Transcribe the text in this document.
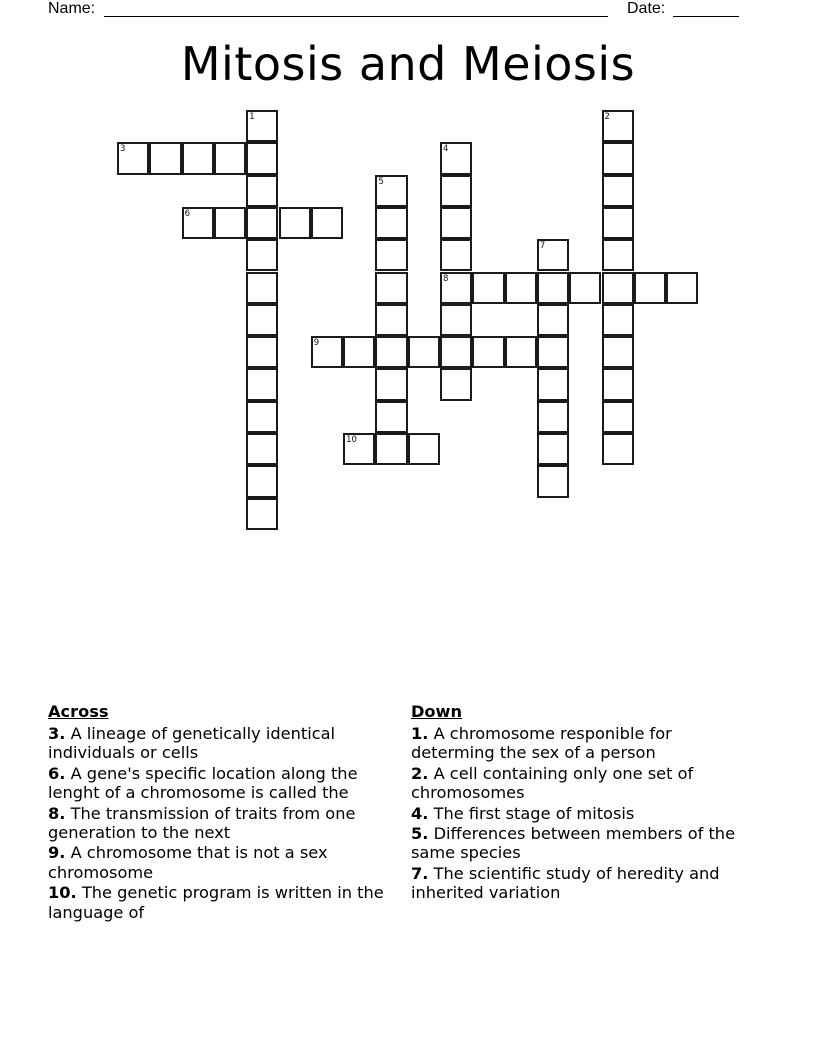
Name:	Date:
Mitosis and Meiosis
1	2
3	4
8
5
6
7
9
10
Across
3. A lineage of genetically identical individuals or cells
6. A gene's specific location along the lenght of a chromosome is called the
8. The transmission of traits from one generation to the next
9. A chromosome that is not a sex chromosome
10. The genetic program is written in the language of
Down
1. A chromosome responible for determing the sex of a person
2. A cell containing only one set of chromosomes
4. The first stage of mitosis
5. Differences between members of the same species
7. The scientific study of heredity and inherited variation
